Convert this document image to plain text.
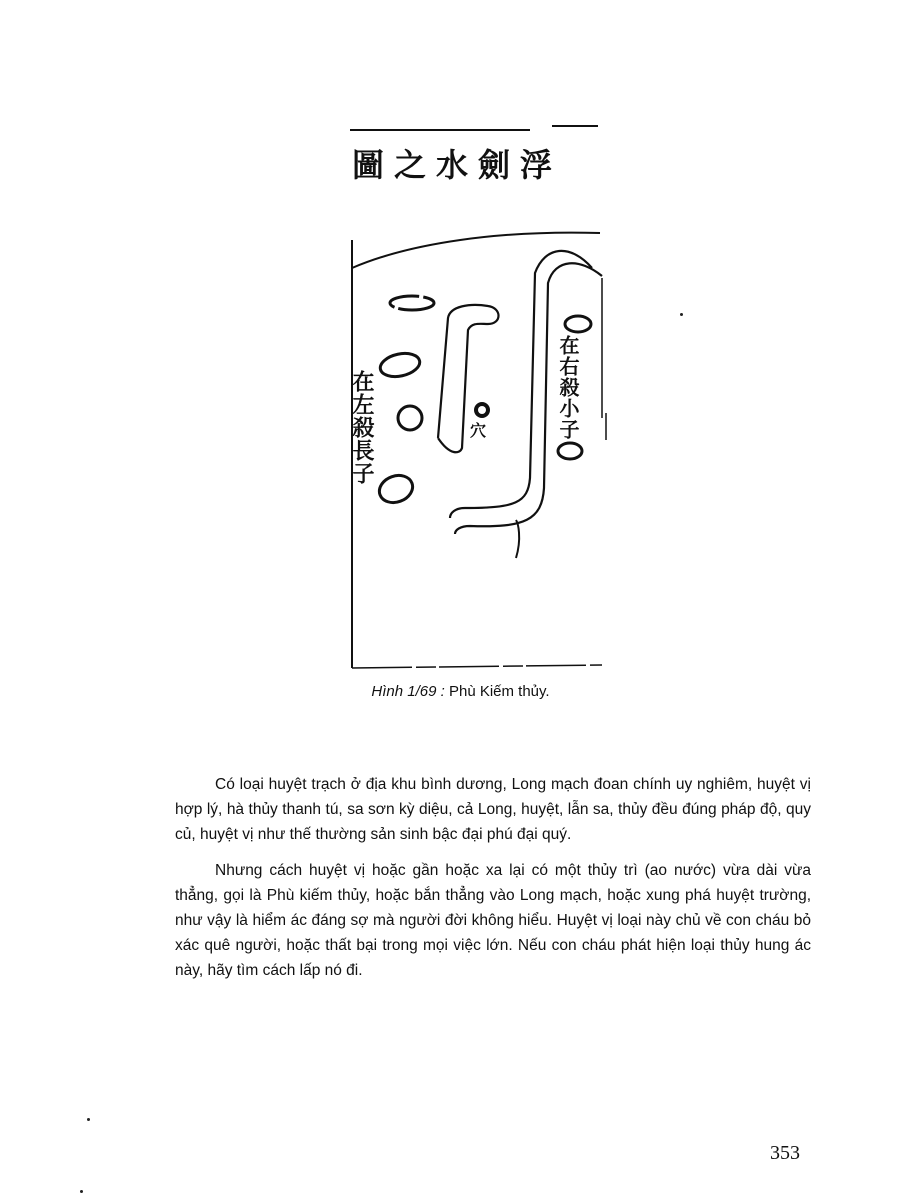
圖之水劍浮
在左殺長子	在右殺小子
穴
Hình 1/69 : Phù Kiếm thủy.

Có loại huyệt trạch ở địa khu bình dương, Long mạch đoan chính uy nghiêm, huyệt vị hợp lý, hà thủy thanh tú, sa sơn kỳ diệu, cả Long, huyệt, lẫn sa, thủy đều đúng pháp độ, quy củ, huyệt vị như thế thường sản sinh bậc đại phú đại quý.

Nhưng cách huyệt vị hoặc gần hoặc xa lại có một thủy trì (ao nước) vừa dài vừa thẳng, gọi là Phù kiếm thủy, hoặc bắn thẳng vào Long mạch, hoặc xung phá huyệt trường, như vậy là hiểm ác đáng sợ mà người đời không hiểu. Huyệt vị loại này chủ về con cháu bỏ xác quê người, hoặc thất bại trong mọi việc lớn. Nếu con cháu phát hiện loại thủy hung ác này, hãy tìm cách lấp nó đi.

353
